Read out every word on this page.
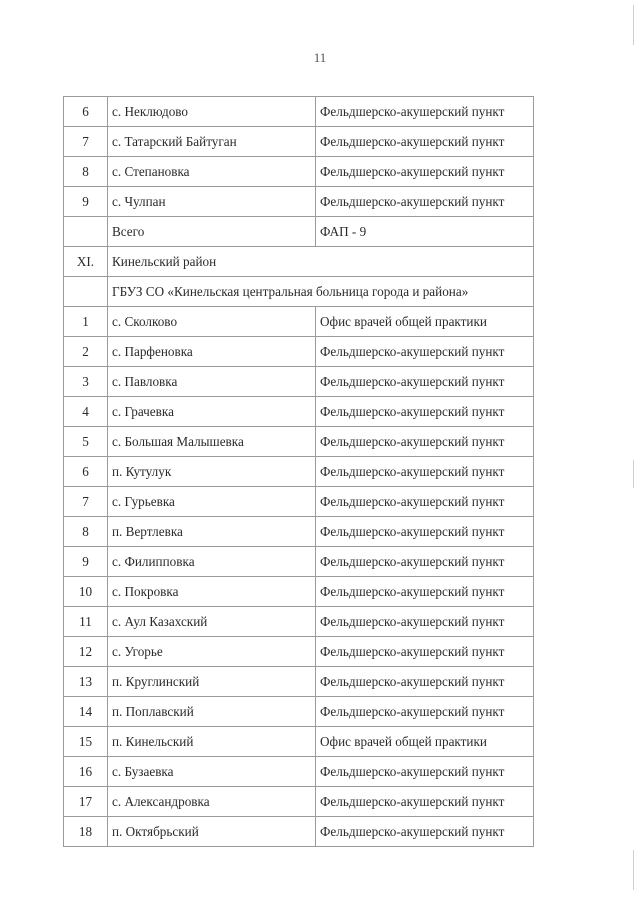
11
6	с. Неклюдово	Фельдшерско-акушерский пункт
7	с. Татарский Байтуган	Фельдшерско-акушерский пункт
8	с. Степановка	Фельдшерско-акушерский пункт
9	с. Чулпан	Фельдшерско-акушерский пункт
	Всего	ФАП - 9
XI.	Кинельский район	
	ГБУЗ СО «Кинельская центральная больница города и района»	
1	с. Сколково	Офис врачей общей практики
2	с. Парфеновка	Фельдшерско-акушерский пункт
3	с. Павловка	Фельдшерско-акушерский пункт
4	с. Грачевка	Фельдшерско-акушерский пункт
5	с. Большая Малышевка	Фельдшерско-акушерский пункт
6	п. Кутулук	Фельдшерско-акушерский пункт
7	с. Гурьевка	Фельдшерско-акушерский пункт
8	п. Вертлевка	Фельдшерско-акушерский пункт
9	с. Филипповка	Фельдшерско-акушерский пункт
10	с. Покровка	Фельдшерско-акушерский пункт
11	с. Аул Казахский	Фельдшерско-акушерский пункт
12	с. Угорье	Фельдшерско-акушерский пункт
13	п. Круглинский	Фельдшерско-акушерский пункт
14	п. Поплавский	Фельдшерско-акушерский пункт
15	п. Кинельский	Офис врачей общей практики
16	с. Бузаевка	Фельдшерско-акушерский пункт
17	с. Александровка	Фельдшерско-акушерский пункт
18	п. Октябрьский	Фельдшерско-акушерский пункт
